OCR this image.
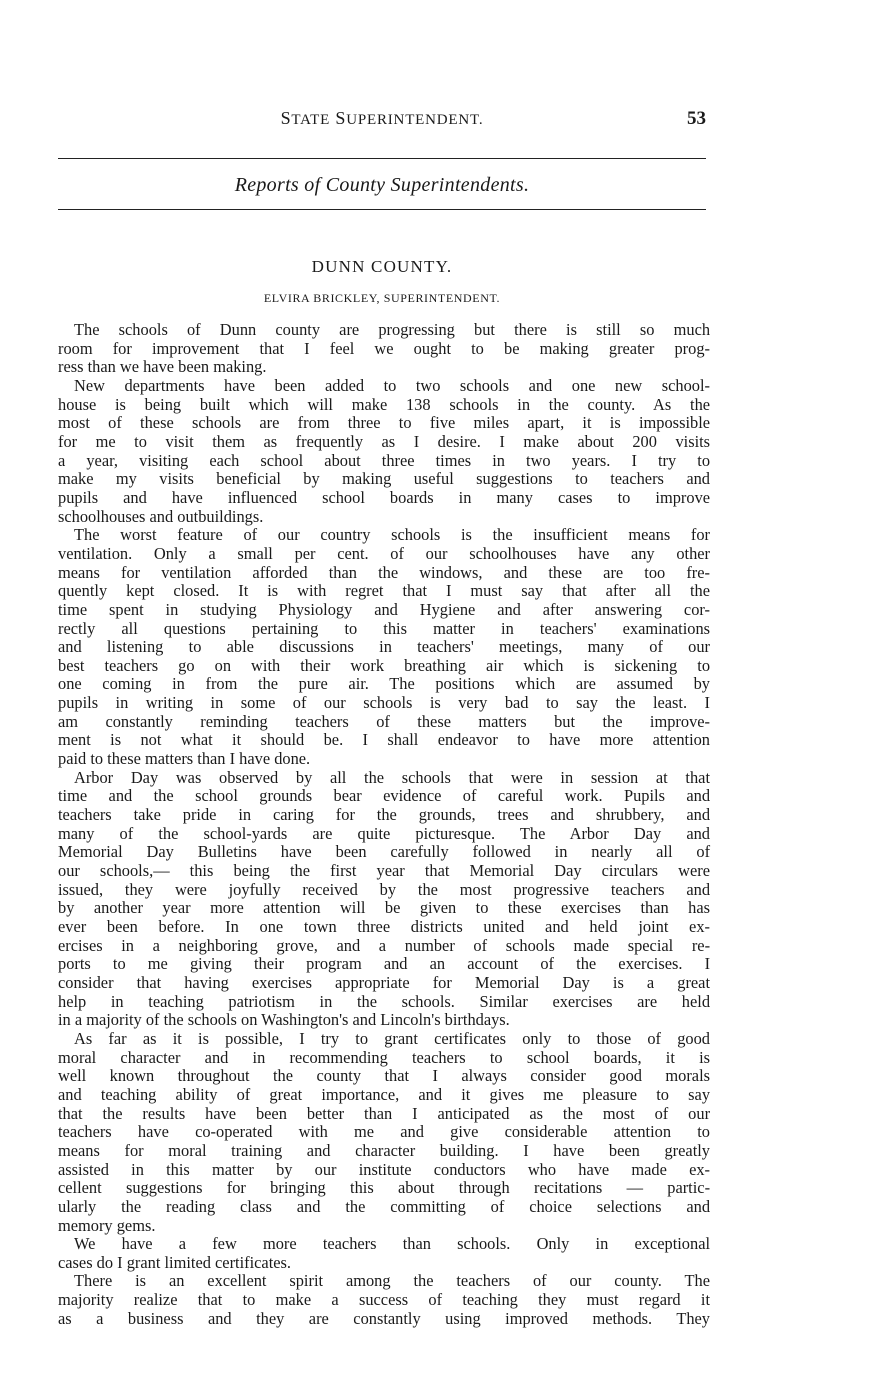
STATE SUPERINTENDENT.	53
Reports of County Superintendents.
DUNN COUNTY.
ELVIRA BRICKLEY, SUPERINTENDENT.
The schools of Dunn county are progressing but there is still so much
room for improvement that I feel we ought to be making greater prog-
ress than we have been making.
New departments have been added to two schools and one new school-
house is being built which will make 138 schools in the county. As the
most of these schools are from three to five miles apart, it is impossible
for me to visit them as frequently as I desire. I make about 200 visits
a year, visiting each school about three times in two years. I try to
make my visits beneficial by making useful suggestions to teachers and
pupils and have influenced school boards in many cases to improve
schoolhouses and outbuildings.
The worst feature of our country schools is the insufficient means for
ventilation. Only a small per cent. of our schoolhouses have any other
means for ventilation afforded than the windows, and these are too fre-
quently kept closed. It is with regret that I must say that after all the
time spent in studying Physiology and Hygiene and after answering cor-
rectly all questions pertaining to this matter in teachers' examinations
and listening to able discussions in teachers' meetings, many of our
best teachers go on with their work breathing air which is sickening to
one coming in from the pure air. The positions which are assumed by
pupils in writing in some of our schools is very bad to say the least. I
am constantly reminding teachers of these matters but the improve-
ment is not what it should be. I shall endeavor to have more attention
paid to these matters than I have done.
Arbor Day was observed by all the schools that were in session at that
time and the school grounds bear evidence of careful work. Pupils and
teachers take pride in caring for the grounds, trees and shrubbery, and
many of the school-yards are quite picturesque. The Arbor Day and
Memorial Day Bulletins have been carefully followed in nearly all of
our schools,— this being the first year that Memorial Day circulars were
issued, they were joyfully received by the most progressive teachers and
by another year more attention will be given to these exercises than has
ever been before. In one town three districts united and held joint ex-
ercises in a neighboring grove, and a number of schools made special re-
ports to me giving their program and an account of the exercises. I
consider that having exercises appropriate for Memorial Day is a great
help in teaching patriotism in the schools. Similar exercises are held
in a majority of the schools on Washington's and Lincoln's birthdays.
As far as it is possible, I try to grant certificates only to those of good
moral character and in recommending teachers to school boards, it is
well known throughout the county that I always consider good morals
and teaching ability of great importance, and it gives me pleasure to say
that the results have been better than I anticipated as the most of our
teachers have co-operated with me and give considerable attention to
means for moral training and character building. I have been greatly
assisted in this matter by our institute conductors who have made ex-
cellent suggestions for bringing this about through recitations — partic-
ularly the reading class and the committing of choice selections and
memory gems.
We have a few more teachers than schools. Only in exceptional
cases do I grant limited certificates.
There is an excellent spirit among the teachers of our county. The
majority realize that to make a success of teaching they must regard it
as a business and they are constantly using improved methods. They
